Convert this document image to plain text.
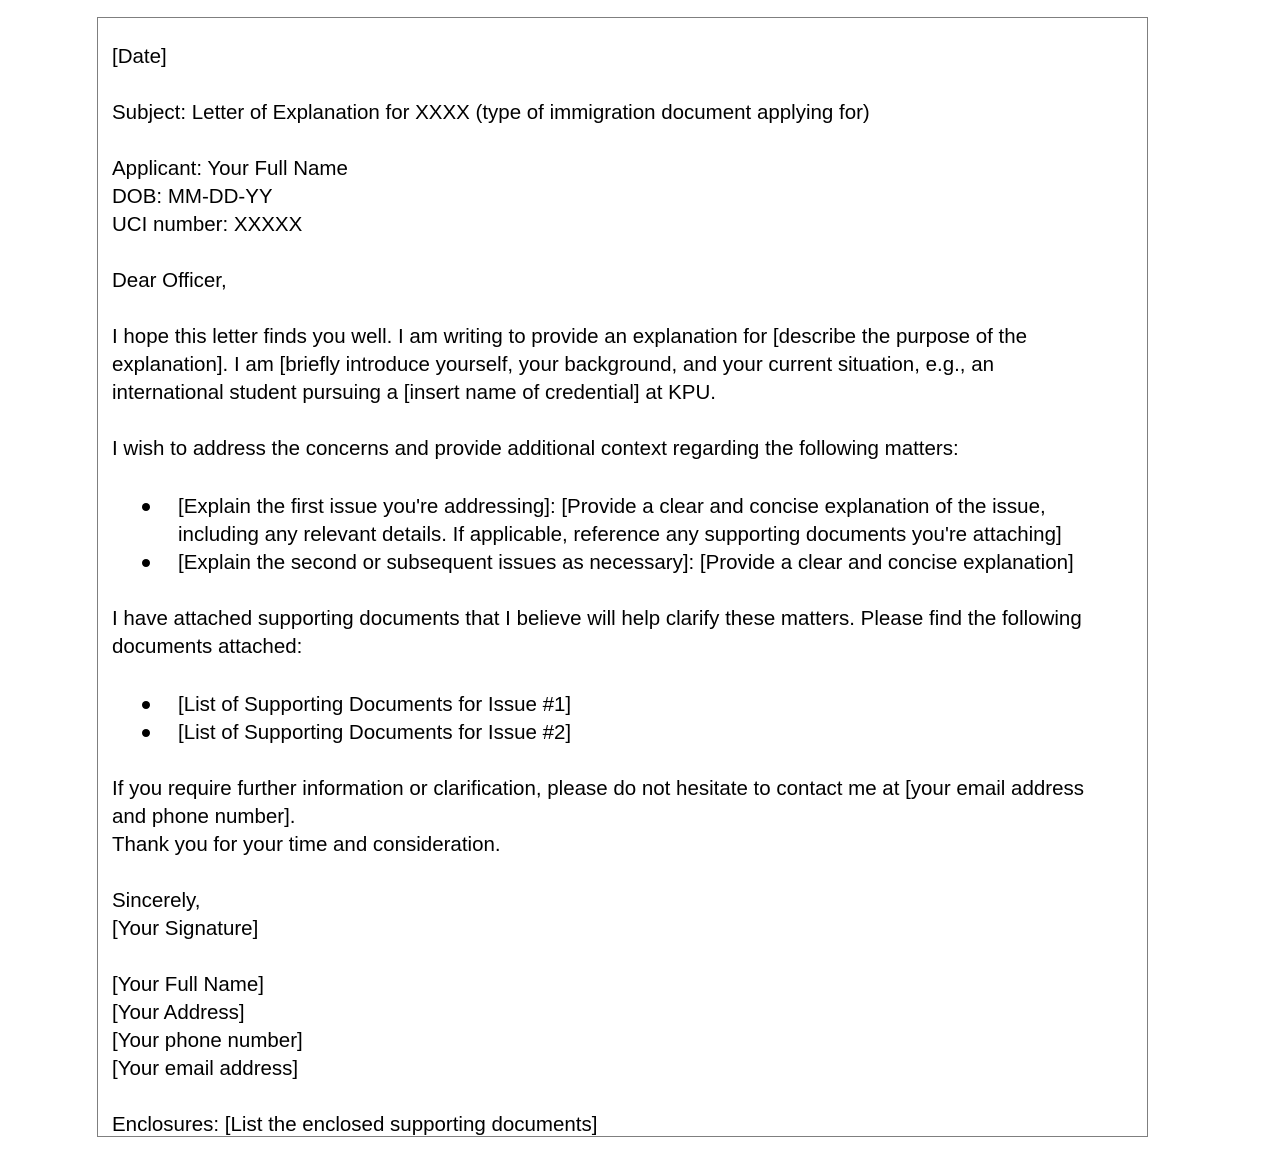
[Date]
Subject: Letter of Explanation for XXXX (type of immigration document applying for)
Applicant: Your Full Name
DOB: MM-DD-YY
UCI number: XXXXX
Dear Officer,
I hope this letter finds you well. I am writing to provide an explanation for [describe the purpose of the
explanation]. I am [briefly introduce yourself, your background, and your current situation, e.g., an
international student pursuing a [insert name of credential] at KPU.
I wish to address the concerns and provide additional context regarding the following matters:
[Explain the first issue you're addressing]: [Provide a clear and concise explanation of the issue,
including any relevant details. If applicable, reference any supporting documents you're attaching]
[Explain the second or subsequent issues as necessary]: [Provide a clear and concise explanation]
I have attached supporting documents that I believe will help clarify these matters. Please find the following
documents attached:
[List of Supporting Documents for Issue #1]
[List of Supporting Documents for Issue #2]
If you require further information or clarification, please do not hesitate to contact me at [your email address
and phone number].
Thank you for your time and consideration.
Sincerely,
[Your Signature]
[Your Full Name]
[Your Address]
[Your phone number]
[Your email address]
Enclosures: [List the enclosed supporting documents]
